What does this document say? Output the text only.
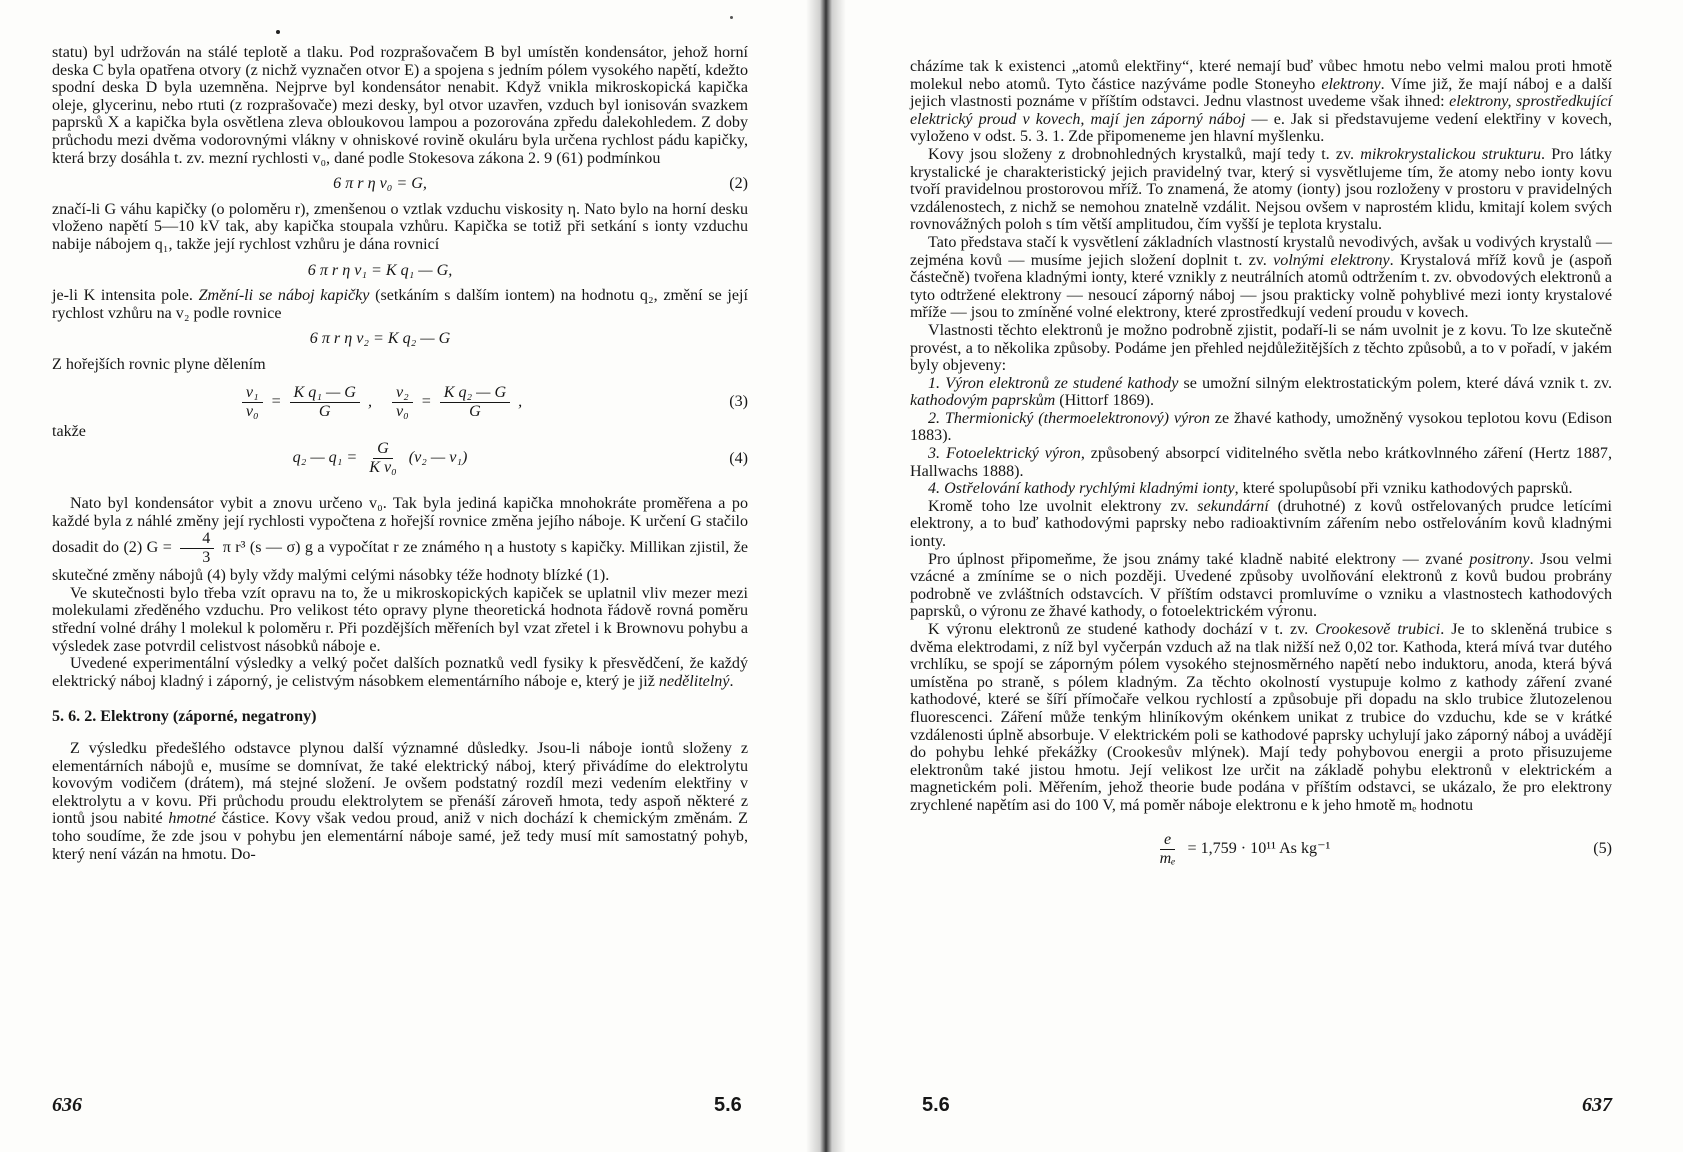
statu) byl udržován na stálé teplotě a tlaku. Pod rozprašovačem B byl umístěn kondensátor, jehož horní deska C byla opatřena otvory (z nichž vyznačen otvor E) a spojena s jedním pólem vysokého napětí, kdežto spodní deska D byla uzemněna. Nejprve byl kondensátor nenabit. Když vnikla mikroskopická kapička oleje, glycerinu, nebo rtuti (z rozprašovače) mezi desky, byl otvor uzavřen, vzduch byl ionisován svazkem paprsků X a kapička byla osvětlena zleva obloukovou lampou a pozorována zpředu dalekohledem. Z doby průchodu mezi dvěma vodorovnými vlákny v ohniskové rovině okuláru byla určena rychlost pádu kapičky, která brzy dosáhla t. zv. mezní rychlosti v₀, dané podle Stokesova zákona 2. 9 (61) podmínkou

6 π r η v₀ = G,	(2)

značí-li G váhu kapičky (o poloměru r), zmenšenou o vztlak vzduchu viskosity η. Nato bylo na horní desku vloženo napětí 5—10 kV tak, aby kapička stoupala vzhůru. Kapička se totiž při setkání s ionty vzduchu nabije nábojem q₁, takže její rychlost vzhůru je dána rovnicí

6 π r η v₁ = K q₁ — G,

je-li K intensita pole. Změní-li se náboj kapičky (setkáním s dalším iontem) na hodnotu q₂, změní se její rychlost vzhůru na v₂ podle rovnice

6 π r η v₂ = K q₂ — G

Z hořejších rovnic plyne dělením

$\frac{\text{v₁}}{\text{v₀}} = \frac{\text{K q₁ — G}}{G}$ , $\frac{\text{v₂}}{\text{v₀}} = \frac{\text{K q₂ — G}}{G}$ ,	(3)

takže

q₂ — $q_1 = \frac{G}{\text{K v₀}} (v_2$ — v₁)	(4)

Nato byl kondensátor vybit a znovu určeno v₀. Tak byla jediná kapička mnohokráte proměřena a po každé byla z náhlé změny její rychlosti vypočtena z hořejší rovnice změna jejího náboje. K určení G stačilo dosadit do (2) $G = \frac{4}{3}$ π r³ (s — σ) g a vypočítat r ze známého η a hustoty s kapičky. Millikan zjistil, že skutečné změny nábojů (4) byly vždy malými celými násobky téže hodnoty blízké (1).

Ve skutečnosti bylo třeba vzít opravu na to, že u mikroskopických kapiček se uplatnil vliv mezer mezi molekulami zředěného vzduchu. Pro velikost této opravy plyne theoretická hodnota řádově rovná poměru střední volné dráhy l molekul k poloměru r. Při pozdějších měřeních byl vzat zřetel i k Brownovu pohybu a výsledek zase potvrdil celistvost násobků náboje e.

Uvedené experimentální výsledky a velký počet dalších poznatků vedl fysiky k přesvědčení, že každý elektrický náboj kladný i záporný, je celistvým násobkem elementárního náboje e, který je již nedělitelný.

5. 6. 2. Elektrony (záporné, negatrony)

Z výsledku předešlého odstavce plynou další významné důsledky. Jsou-li náboje iontů složeny z elementárních nábojů e, musíme se domnívat, že také elektrický náboj, který přivádíme do elektrolytu kovovým vodičem (drátem), má stejné složení. Je ovšem podstatný rozdíl mezi vedením elektřiny v elektrolytu a v kovu. Při průchodu proudu elektrolytem se přenáší zároveň hmota, tedy aspoň některé z iontů jsou nabité hmotné částice. Kovy však vedou proud, aniž v nich dochází k chemickým změnám. Z toho soudíme, že zde jsou v pohybu jen elementární náboje samé, jež tedy musí mít samostatný pohyb, který není vázán na hmotu. Do-

636	5.6

cházíme tak k existenci „atomů elektřiny“, které nemají buď vůbec hmotu nebo velmi malou proti hmotě molekul nebo atomů. Tyto částice nazýváme podle Stoneyho elektrony. Víme již, že mají náboj e a další jejich vlastnosti poznáme v příštím odstavci. Jednu vlastnost uvedeme však ihned: elektrony, sprostředkující elektrický proud v kovech, mají jen záporný náboj — e. Jak si představujeme vedení elektřiny v kovech, vyloženo v odst. 5. 3. 1. Zde připomeneme jen hlavní myšlenku.

Kovy jsou složeny z drobnohledných krystalků, mají tedy t. zv. mikrokrystalickou strukturu. Pro látky krystalické je charakteristický jejich pravidelný tvar, který si vysvětlujeme tím, že atomy nebo ionty kovu tvoří pravidelnou prostorovou mříž. To znamená, že atomy (ionty) jsou rozloženy v prostoru v pravidelných vzdálenostech, z nichž se nemohou znatelně vzdálit. Nejsou ovšem v naprostém klidu, kmitají kolem svých rovnovážných poloh s tím větší amplitudou, čím vyšší je teplota krystalu.

Tato představa stačí k vysvětlení základních vlastností krystalů nevodivých, avšak u vodivých krystalů — zejména kovů — musíme jejich složení doplnit t. zv. volnými elektrony. Krystalová mříž kovů je (aspoň částečně) tvořena kladnými ionty, které vznikly z neutrálních atomů odtržením t. zv. obvodových elektronů a tyto odtržené elektrony — nesoucí záporný náboj — jsou prakticky volně pohyblivé mezi ionty krystalové mříže — jsou to zmíněné volné elektrony, které zprostředkují vedení proudu v kovech.

Vlastnosti těchto elektronů je možno podrobně zjistit, podaří-li se nám uvolnit je z kovu. To lze skutečně provést, a to několika způsoby. Podáme jen přehled nejdůležitějších z těchto způsobů, a to v pořadí, v jakém byly objeveny:

1. Výron elektronů ze studené kathody se umožní silným elektrostatickým polem, které dává vznik t. zv. kathodovým paprskům (Hittorf 1869).

2. Thermionický (thermoelektronový) výron ze žhavé kathody, umožněný vysokou teplotou kovu (Edison 1883).

3. Fotoelektrický výron, způsobený absorpcí viditelného světla nebo krátkovlnného záření (Hertz 1887, Hallwachs 1888).

4. Ostřelování kathody rychlými kladnými ionty, které spolupůsobí při vzniku kathodových paprsků.

Kromě toho lze uvolnit elektrony zv. sekundární (druhotné) z kovů ostřelovaných prudce letícími elektrony, a to buď kathodovými paprsky nebo radioaktivním zářením nebo ostřelováním kovů kladnými ionty.

Pro úplnost připomeňme, že jsou známy také kladně nabité elektrony — zvané positrony. Jsou velmi vzácné a zmíníme se o nich později. Uvedené způsoby uvolňování elektronů z kovů budou probrány podrobně ve zvláštních odstavcích. V příštím odstavci promluvíme o vzniku a vlastnostech kathodových paprsků, o výronu ze žhavé kathody, o fotoelektrickém výronu.

K výronu elektronů ze studené kathody dochází v t. zv. Crookesově trubici. Je to skleněná trubice s dvěma elektrodami, z níž byl vyčerpán vzduch až na tlak nižší než 0,02 tor. Kathoda, která mívá tvar dutého vrchlíku, se spojí se záporným pólem vysokého stejnosměrného napětí nebo induktoru, anoda, která bývá umístěna po straně, s pólem kladným. Za těchto okolností vystupuje kolmo z kathody záření zvané kathodové, které se šíří přímočaře velkou rychlostí a způsobuje při dopadu na sklo trubice žlutozelenou fluorescenci. Záření může tenkým hliníkovým okénkem unikat z trubice do vzduchu, kde se v krátké vzdálenosti úplně absorbuje. V elektrickém poli se kathodové paprsky uchylují jako záporný náboj a uvádějí do pohybu lehké překážky (Crookesův mlýnek). Mají tedy pohybovou energii a proto přisuzujeme elektronům také jistou hmotu. Její velikost lze určit na základě pohybu elektronů v elektrickém a magnetickém poli. Měřením, jehož theorie bude podána v příštím odstavci, se ukázalo, že pro elektrony zrychlené napětím asi do 100 V, má poměr náboje elektronu e k jeho hmotě mₑ hodnotu

$\frac{e}{\text{mₑ}} = 1,759 \cdot 10^{11}$ As kg⁻¹	(5)
5.6	637
